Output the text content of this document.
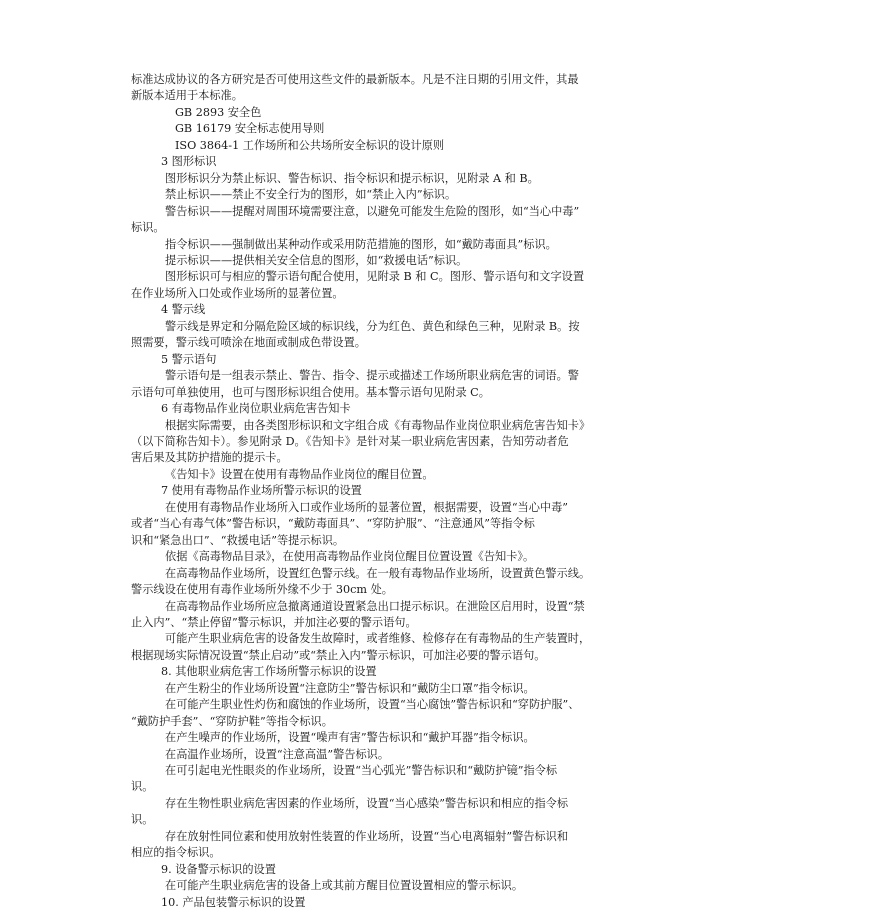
标准达成协议的各方研究是否可使用这些文件的最新版本。凡是不注日期的引用文件，其最

新版本适用于本标准。

GB 2893 安全色

GB 16179 安全标志使用导则

ISO 3864-1 工作场所和公共场所安全标识的设计原则

3 图形标识

图形标识分为禁止标识、警告标识、指令标识和提示标识，见附录 A 和 B。

禁止标识——禁止不安全行为的图形，如“禁止入内”标识。

警告标识——提醒对周围环境需要注意，以避免可能发生危险的图形，如“当心中毒”

标识。

指令标识——强制做出某种动作或采用防范措施的图形，如“戴防毒面具”标识。

提示标识——提供相关安全信息的图形，如“救援电话”标识。

图形标识可与相应的警示语句配合使用，见附录 B 和 C。图形、警示语句和文字设置

在作业场所入口处或作业场所的显著位置。

4 警示线

警示线是界定和分隔危险区域的标识线，分为红色、黄色和绿色三种，见附录 B。按

照需要，警示线可喷涂在地面或制成色带设置。

5 警示语句

警示语句是一组表示禁止、警告、指令、提示或描述工作场所职业病危害的词语。警

示语句可单独使用，也可与图形标识组合使用。基本警示语句见附录 C。

6 有毒物品作业岗位职业病危害告知卡

根据实际需要，由各类图形标识和文字组合成《有毒物品作业岗位职业病危害告知卡》

（以下简称告知卡）。参见附录 D。《告知卡》是针对某一职业病危害因素，告知劳动者危

害后果及其防护措施的提示卡。

《告知卡》设置在使用有毒物品作业岗位的醒目位置。

7 使用有毒物品作业场所警示标识的设置

在使用有毒物品作业场所入口或作业场所的显著位置，根据需要，设置“当心中毒”

或者“当心有毒气体”警告标识，“戴防毒面具”、“穿防护服”、“注意通风”等指令标

识和“紧急出口”、“救援电话”等提示标识。

依据《高毒物品目录》，在使用高毒物品作业岗位醒目位置设置《告知卡》。

在高毒物品作业场所，设置红色警示线。在一般有毒物品作业场所，设置黄色警示线。

警示线设在使用有毒作业场所外缘不少于 30cm 处。

在高毒物品作业场所应急撤离通道设置紧急出口提示标识。在泄险区启用时，设置“禁

止入内”、“禁止停留”警示标识，并加注必要的警示语句。

可能产生职业病危害的设备发生故障时，或者维修、检修存在有毒物品的生产装置时，

根据现场实际情况设置“禁止启动”或“禁止入内”警示标识，可加注必要的警示语句。

8. 其他职业病危害工作场所警示标识的设置

在产生粉尘的作业场所设置“注意防尘”警告标识和“戴防尘口罩”指令标识。

在可能产生职业性灼伤和腐蚀的作业场所，设置“当心腐蚀”警告标识和“穿防护服”、

“戴防护手套”、“穿防护鞋”等指令标识。

在产生噪声的作业场所，设置“噪声有害”警告标识和“戴护耳器”指令标识。

在高温作业场所，设置“注意高温”警告标识。

在可引起电光性眼炎的作业场所，设置“当心弧光”警告标识和“戴防护镜”指令标

识。

存在生物性职业病危害因素的作业场所，设置“当心感染”警告标识和相应的指令标

识。

存在放射性同位素和使用放射性装置的作业场所，设置“当心电离辐射”警告标识和

相应的指令标识。

9. 设备警示标识的设置

在可能产生职业病危害的设备上或其前方醒目位置设置相应的警示标识。

10. 产品包装警示标识的设置
